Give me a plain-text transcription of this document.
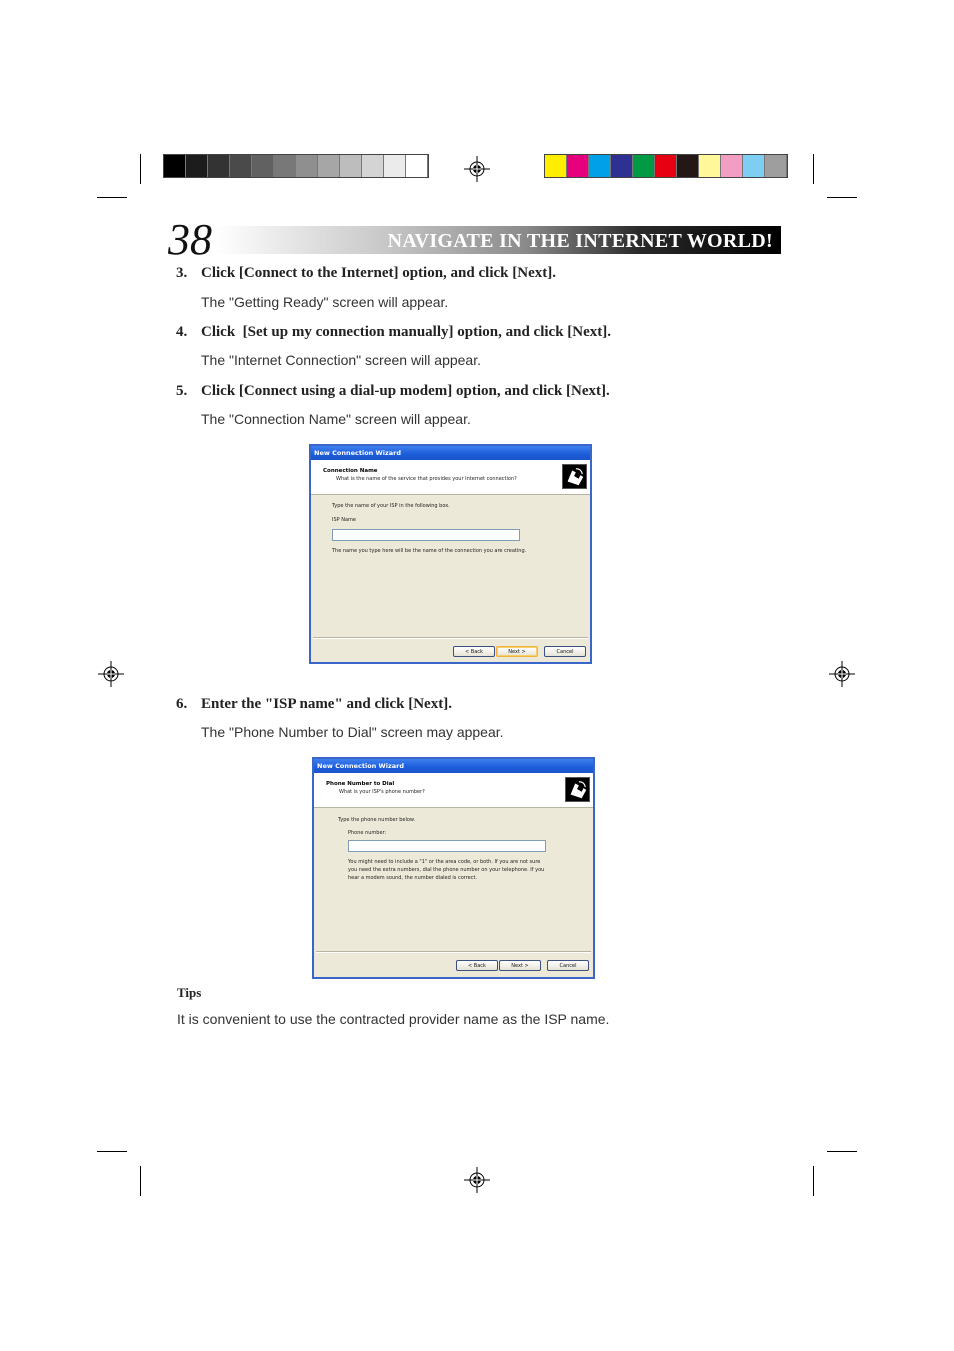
38	NAVIGATE IN THE INTERNET WORLD!
3. Click [Connect to the Internet] option, and click [Next].
The "Getting Ready" screen will appear.
4. Click  [Set up my connection manually] option, and click [Next].
The "Internet Connection" screen will appear.
5. Click [Connect using a dial-up modem] option, and click [Next].
The "Connection Name" screen will appear.
New Connection Wizard
Connection Name
What is the name of the service that provides your Internet connection?
Type the name of your ISP in the following box.
ISP Name
The name you type here will be the name of the connection you are creating.
< Back	Next >	Cancel
6. Enter the "ISP name" and click [Next].
The "Phone Number to Dial" screen may appear.
New Connection Wizard
Phone Number to Dial
What is your ISP's phone number?
Type the phone number below.
Phone number:
You might need to include a "1" or the area code, or both. If you are not sure
you need the extra numbers, dial the phone number on your telephone. If you
hear a modem sound, the number dialed is correct.
< Back	Next >	Cancel
Tips
It is convenient to use the contracted provider name as the ISP name.
